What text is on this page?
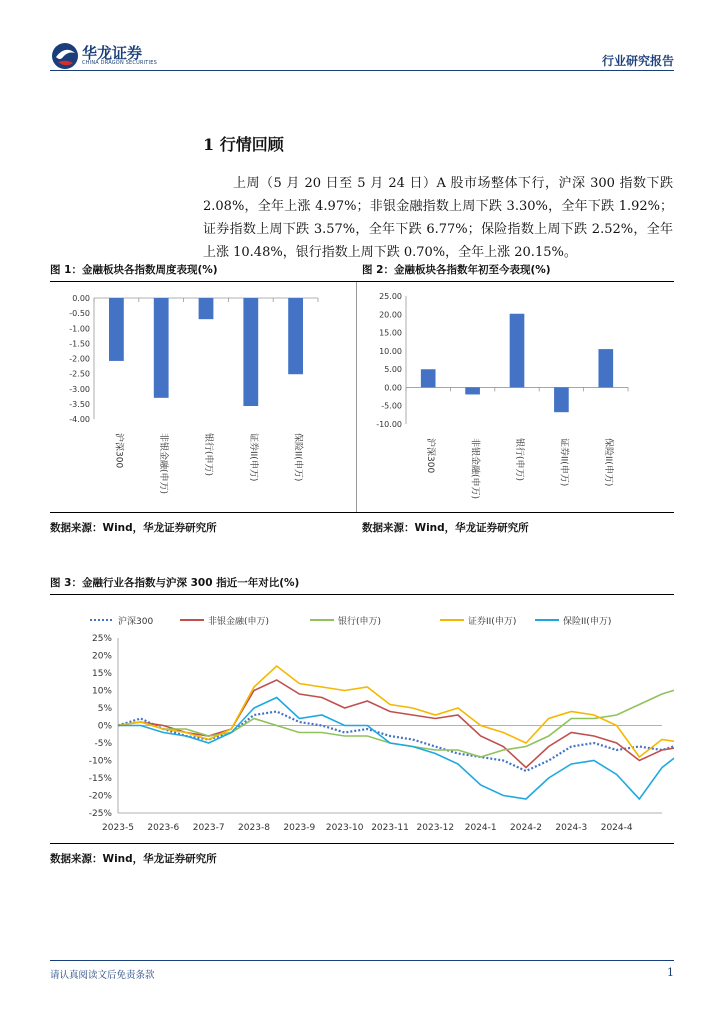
华龙证券
CHINA DRAGON SECURITIES	行业研究报告
1 行情回顾
上周（5 月 20 日至 5 月 24 日）A 股市场整体下行，沪深 300 指数下跌 2.08%，全年上涨 4.97%；非银金融指数上周下跌 3.30%，全年下跌 1.92%；证券指数上周下跌 3.57%，全年下跌 6.77%；保险指数上周下跌 2.52%，全年上涨 10.48%，银行指数上周下跌 0.70%，全年上涨 20.15%。
图 1：金融板块各指数周度表现(%)	图 2：金融板块各指数年初至今表现(%)
0.00
-0.50
-1.00
-1.50
-2.00
-2.50
-3.00
-3.50
-4.00
沪深300	非银金融(申万)	银行(申万)	证券II(申万)	保险II(申万)
25.00
20.00
15.00
10.00
5.00
0.00
-5.00
-10.00
沪深300	非银金融(申万)	银行(申万)	证券II(申万)	保险II(申万)
数据来源：Wind，华龙证券研究所	数据来源：Wind，华龙证券研究所
图 3：金融行业各指数与沪深 300 指近一年对比(%)
25%
20%
15%
10%
5%
0%
-5%
-10%
-15%
-20%
-25%
2023-5 2023-6 2023-7 2023-8 2023-9 2023-10 2023-11 2023-12 2024-1 2024-2 2024-3 2024-4
沪深300	非银金融(申万)	银行(申万)	证券II(申万)	保险II(申万)
数据来源：Wind，华龙证券研究所
请认真阅读文后免责条款	1
